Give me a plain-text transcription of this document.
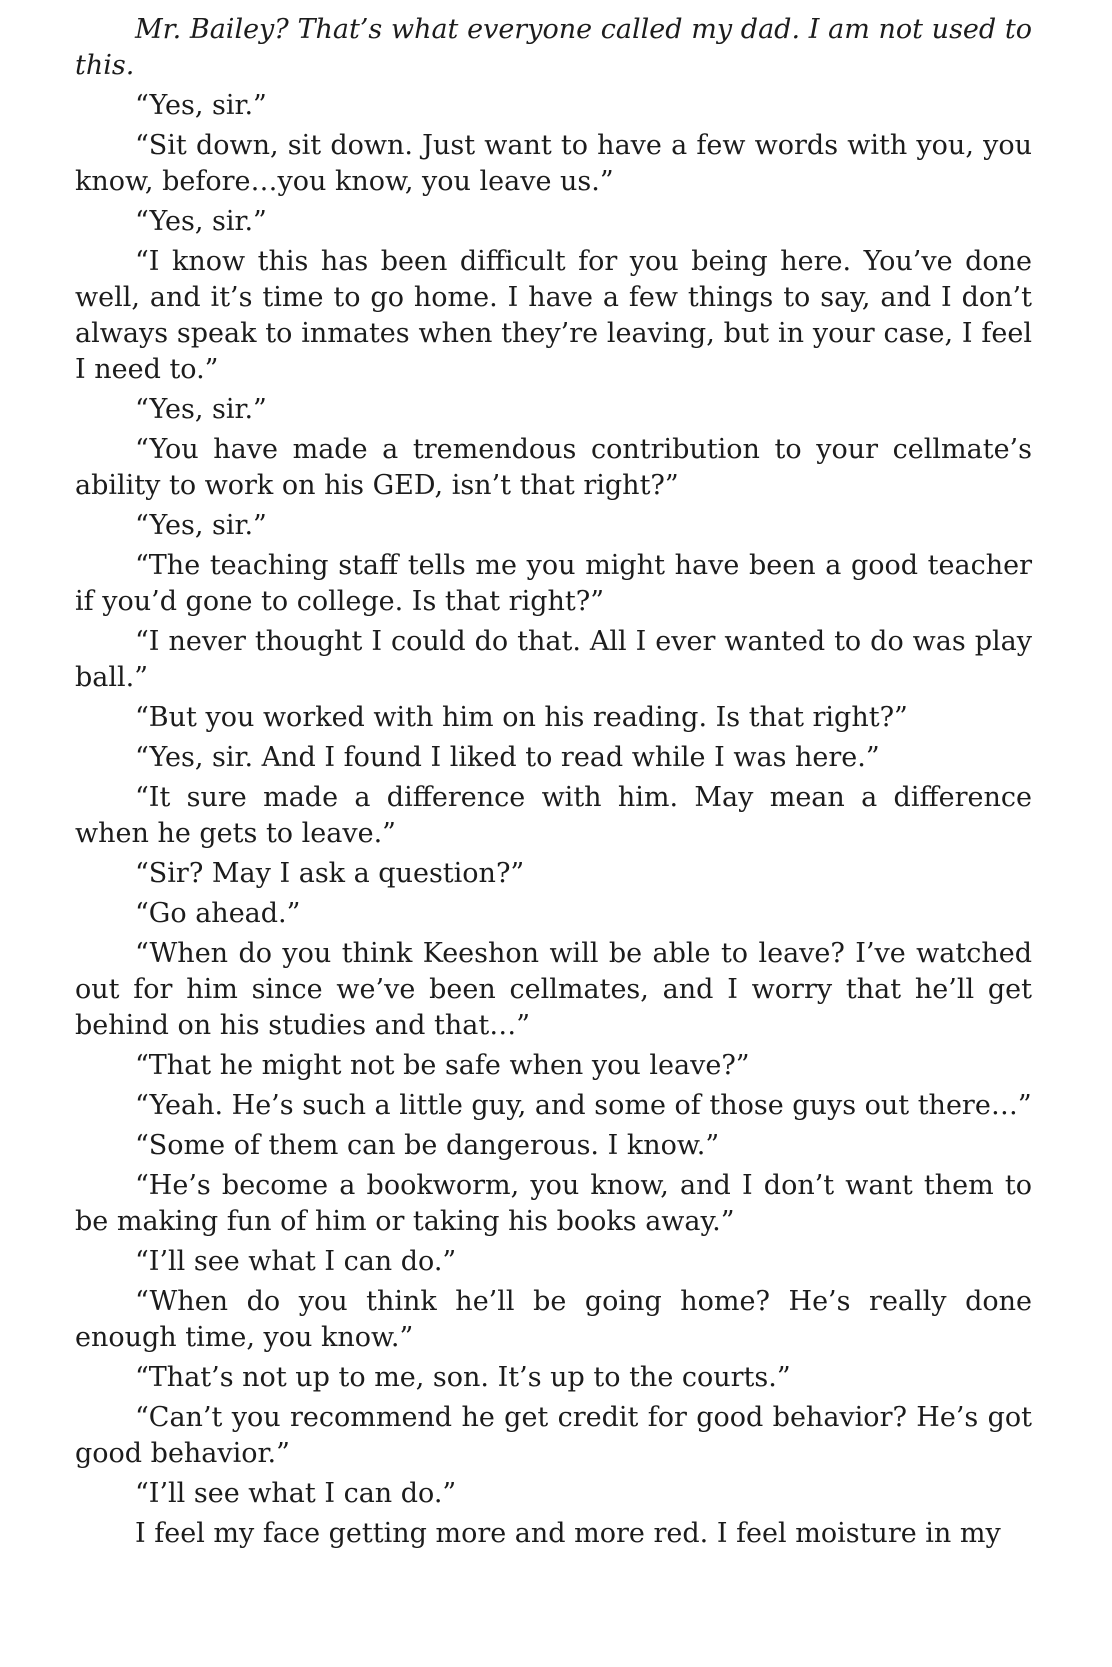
Mr. Bailey? That’s what everyone called my dad. I am not used to this.

“Yes, sir.”

“Sit down, sit down. Just want to have a few words with you, you know, before…you know, you leave us.”

“Yes, sir.”

“I know this has been difficult for you being here. You’ve done well, and it’s time to go home. I have a few things to say, and I don’t always speak to inmates when they’re leaving, but in your case, I feel I need to.”

“Yes, sir.”

“You have made a tremendous contribution to your cellmate’s ability to work on his GED, isn’t that right?”

“Yes, sir.”

“The teaching staff tells me you might have been a good teacher if you’d gone to college. Is that right?”

“I never thought I could do that. All I ever wanted to do was play ball.”

“But you worked with him on his reading. Is that right?”

“Yes, sir. And I found I liked to read while I was here.”

“It sure made a difference with him. May mean a difference when he gets to leave.”

“Sir? May I ask a question?”

“Go ahead.”

“When do you think Keeshon will be able to leave? I’ve watched out for him since we’ve been cellmates, and I worry that he’ll get behind on his studies and that…”

“That he might not be safe when you leave?”

“Yeah. He’s such a little guy, and some of those guys out there…”

“Some of them can be dangerous. I know.”

“He’s become a bookworm, you know, and I don’t want them to be making fun of him or taking his books away.”

“I’ll see what I can do.”

“When do you think he’ll be going home? He’s really done enough time, you know.”

“That’s not up to me, son. It’s up to the courts.”

“Can’t you recommend he get credit for good behavior? He’s got good behavior.”

“I’ll see what I can do.”

I feel my face getting more and more red. I feel moisture in my
